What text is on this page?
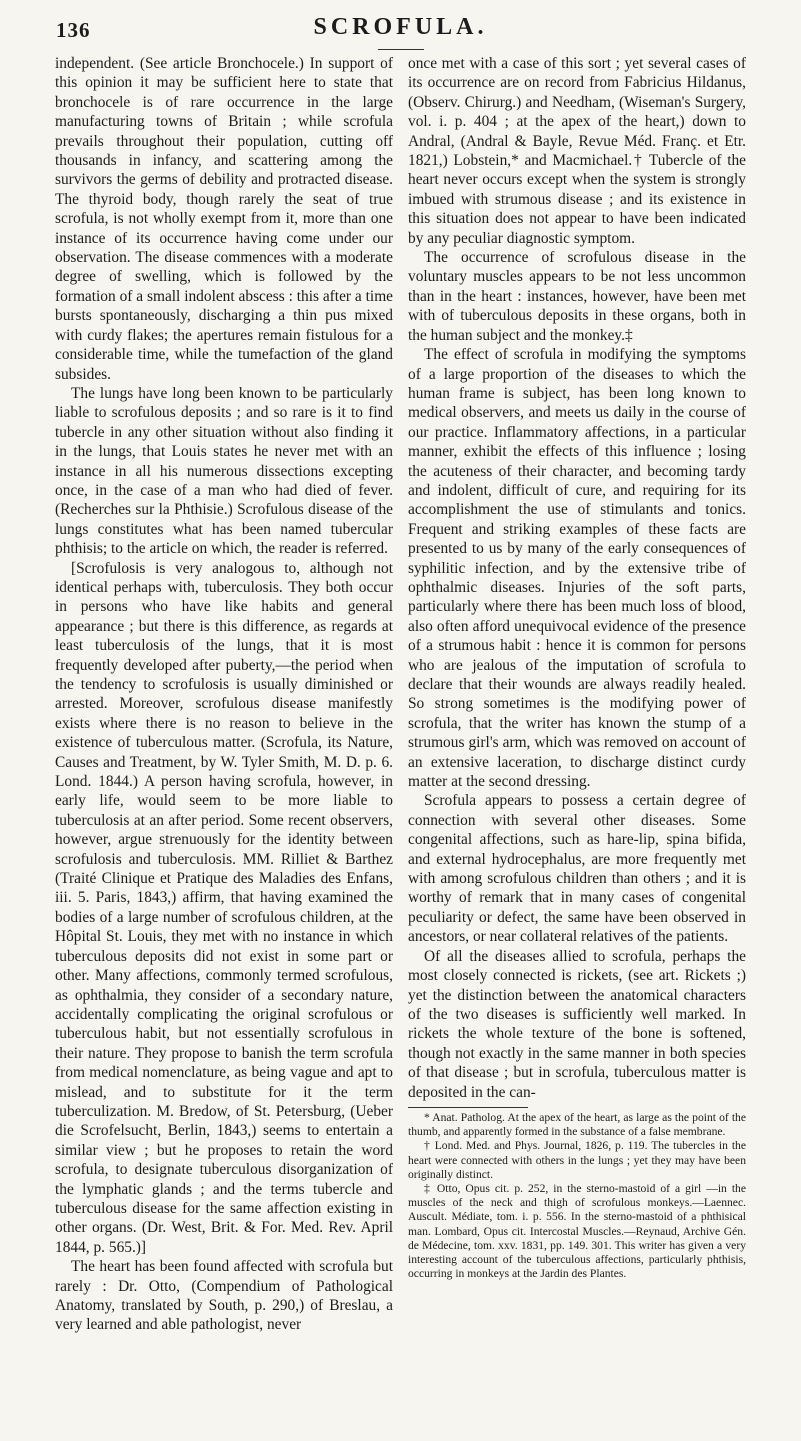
136	SCROFULA.

independent. (See article Bronchocele.) In support of this opinion it may be sufficient here to state that bronchocele is of rare occurrence in the large manufacturing towns of Britain ; while scrofula prevails throughout their population, cutting off thousands in infancy, and scattering among the survivors the germs of debility and protracted disease. The thyroid body, though rarely the seat of true scrofula, is not wholly exempt from it, more than one instance of its occurrence having come under our observation. The disease commences with a moderate degree of swelling, which is followed by the formation of a small indolent abscess : this after a time bursts spontaneously, discharging a thin pus mixed with curdy flakes; the apertures remain fistulous for a considerable time, while the tumefaction of the gland subsides.

The lungs have long been known to be particularly liable to scrofulous deposits ; and so rare is it to find tubercle in any other situation without also finding it in the lungs, that Louis states he never met with an instance in all his numerous dissections excepting once, in the case of a man who had died of fever. (Recherches sur la Phthisie.) Scrofulous disease of the lungs constitutes what has been named tubercular phthisis; to the article on which, the reader is referred.

[Scrofulosis is very analogous to, although not identical perhaps with, tuberculosis. They both occur in persons who have like habits and general appearance ; but there is this difference, as regards at least tuberculosis of the lungs, that it is most frequently developed after puberty,—the period when the tendency to scrofulosis is usually diminished or arrested. Moreover, scrofulous disease manifestly exists where there is no reason to believe in the existence of tuberculous matter. (Scrofula, its Nature, Causes and Treatment, by W. Tyler Smith, M. D. p. 6. Lond. 1844.) A person having scrofula, however, in early life, would seem to be more liable to tuberculosis at an after period. Some recent observers, however, argue strenuously for the identity between scrofulosis and tuberculosis. MM. Rilliet & Barthez (Traité Clinique et Pratique des Maladies des Enfans, iii. 5. Paris, 1843,) affirm, that having examined the bodies of a large number of scrofulous children, at the Hôpital St. Louis, they met with no instance in which tuberculous deposits did not exist in some part or other. Many affections, commonly termed scrofulous, as ophthalmia, they consider of a secondary nature, accidentally complicating the original scrofulous or tuberculous habit, but not essentially scrofulous in their nature. They propose to banish the term scrofula from medical nomenclature, as being vague and apt to mislead, and to substitute for it the term tuberculization. M. Bredow, of St. Petersburg, (Ueber die Scrofelsucht, Berlin, 1843,) seems to entertain a similar view ; but he proposes to retain the word scrofula, to designate tuberculous disorganization of the lymphatic glands ; and the terms tubercle and tuberculous disease for the same affection existing in other organs. (Dr. West, Brit. & For. Med. Rev. April 1844, p. 565.)]

The heart has been found affected with scrofula but rarely : Dr. Otto, (Compendium of Pathological Anatomy, translated by South, p. 290,) of Breslau, a very learned and able pathologist, never

once met with a case of this sort ; yet several cases of its occurrence are on record from Fabricius Hildanus, (Observ. Chirurg.) and Needham, (Wiseman's Surgery, vol. i. p. 404 ; at the apex of the heart,) down to Andral, (Andral & Bayle, Revue Méd. Franç. et Etr. 1821,) Lobstein,* and Macmichael.† Tubercle of the heart never occurs except when the system is strongly imbued with strumous disease ; and its existence in this situation does not appear to have been indicated by any peculiar diagnostic symptom.

The occurrence of scrofulous disease in the voluntary muscles appears to be not less uncommon than in the heart : instances, however, have been met with of tuberculous deposits in these organs, both in the human subject and the monkey.‡

The effect of scrofula in modifying the symptoms of a large proportion of the diseases to which the human frame is subject, has been long known to medical observers, and meets us daily in the course of our practice. Inflammatory affections, in a particular manner, exhibit the effects of this influence ; losing the acuteness of their character, and becoming tardy and indolent, difficult of cure, and requiring for its accomplishment the use of stimulants and tonics. Frequent and striking examples of these facts are presented to us by many of the early consequences of syphilitic infection, and by the extensive tribe of ophthalmic diseases. Injuries of the soft parts, particularly where there has been much loss of blood, also often afford unequivocal evidence of the presence of a strumous habit : hence it is common for persons who are jealous of the imputation of scrofula to declare that their wounds are always readily healed. So strong sometimes is the modifying power of scrofula, that the writer has known the stump of a strumous girl's arm, which was removed on account of an extensive laceration, to discharge distinct curdy matter at the second dressing.

Scrofula appears to possess a certain degree of connection with several other diseases. Some congenital affections, such as hare-lip, spina bifida, and external hydrocephalus, are more frequently met with among scrofulous children than others ; and it is worthy of remark that in many cases of congenital peculiarity or defect, the same have been observed in ancestors, or near collateral relatives of the patients.

Of all the diseases allied to scrofula, perhaps the most closely connected is rickets, (see art. Rickets ;) yet the distinction between the anatomical characters of the two diseases is sufficiently well marked. In rickets the whole texture of the bone is softened, though not exactly in the same manner in both species of that disease ; but in scrofula, tuberculous matter is deposited in the can-

* Anat. Patholog. At the apex of the heart, as large as the point of the thumb, and apparently formed in the substance of a false membrane.

† Lond. Med. and Phys. Journal, 1826, p. 119. The tubercles in the heart were connected with others in the lungs ; yet they may have been originally distinct.

‡ Otto, Opus cit. p. 252, in the sterno-mastoid of a girl —in the muscles of the neck and thigh of scrofulous monkeys.—Laennec. Auscult. Médiate, tom. i. p. 556. In the sterno-mastoid of a phthisical man. Lombard, Opus cit. Intercostal Muscles.—Reynaud, Archive Gén. de Médecine, tom. xxv. 1831, pp. 149. 301. This writer has given a very interesting account of the tuberculous affections, particularly phthisis, occurring in monkeys at the Jardin des Plantes.
